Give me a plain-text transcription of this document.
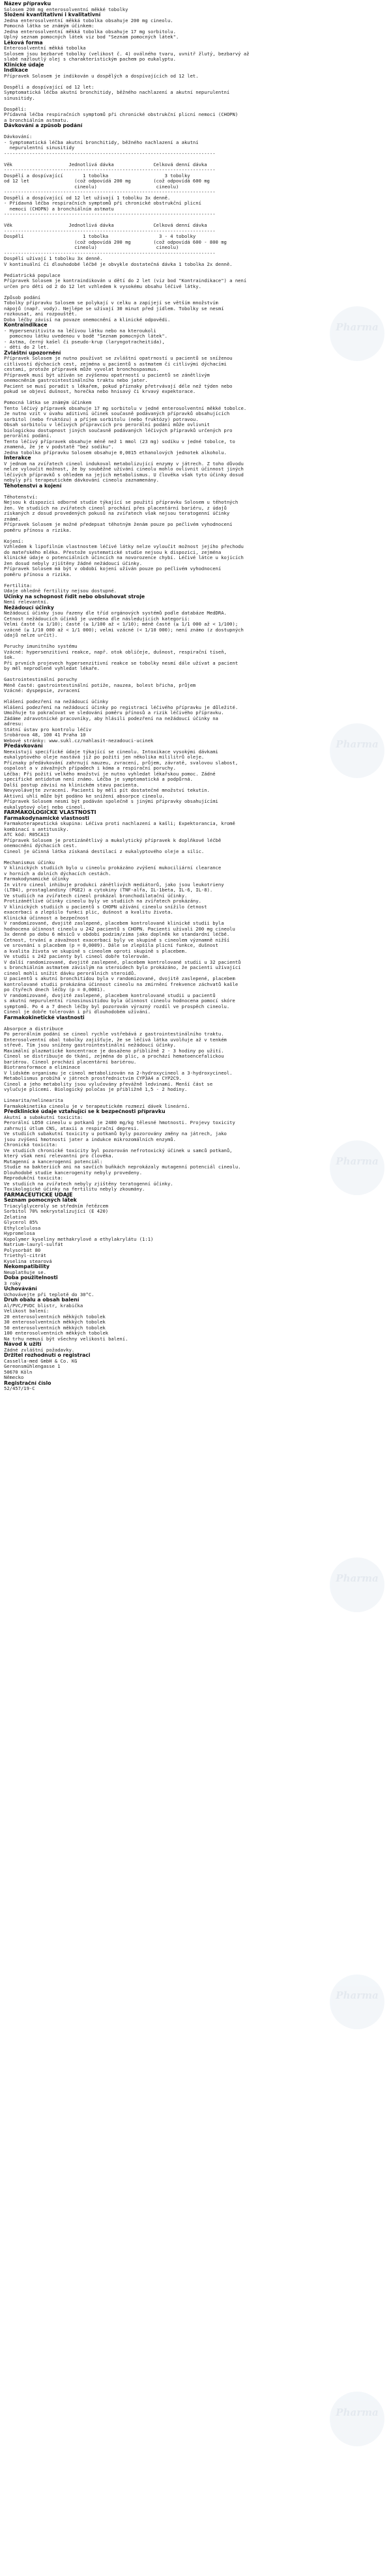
Název přípravku
Solosem 200 mg enterosolventní měkké tobolky
Složení kvantitativní i kvalitativní
Jedna enterosolventní měkká tobolka obsahuje 200 mg cineolu.
Pomocná látka se známým účinkem:
Jedna enterosolventní měkká tobolka obsahuje 17 mg sorbitolu.
Úplný seznam pomocných látek viz bod "Seznam pomocných látek".
Léková forma
Enterosolventní měkká tobolka
Solosem jsou bezbarvé tobolky (velikost č. 4) oválného tvaru, uvnitř žlutý, bezbarvý až
slabě nažloutlý olej s charakteristickým pachem po eukalyptu.
Klinické údaje
Indikace
Přípravek Solosem je indikován u dospělých a dospívajících od 12 let.
Dospělí a dospívající od 12 let:
Symptomatická léčba akutní bronchitidy, běžného nachlazení a akutní nepurulentní
sinusitidy.
Dospělí:
Přídavná léčba respiračních symptomů při chronické obstrukční plicní nemoci (CHOPN)
a bronchiálním astmatu.
Dávkování a způsob podání
Dávkování:
- Symptomatická léčba akutní bronchitidy, běžného nachlazení a akutní
nepurulentní sinusitidy
---------------------------------------------------------------------------
Věk                    Jednotlivá dávka              Celková denní dávka
---------------------------------------------------------------------------
Dospělí a dospívající       1 tobolka                    3 tobolky
od 12 let                (což odpovídá 200 mg        (což odpovídá 600 mg
cineolu)                     cineolu)
---------------------------------------------------------------------------
Dospělí a dospívající od 12 let užívají 1 tobolku 3x denně.
- Přídavná léčba respiračních symptomů při chronické obstrukční plicní
nemoci (CHOPN) a bronchiálním astmatu
---------------------------------------------------------------------------
Věk                    Jednotlivá dávka              Celková denní dávka
---------------------------------------------------------------------------
Dospělí                     1 tobolka                  3 - 4 tobolky
(což odpovídá 200 mg        (což odpovídá 600 - 800 mg
cineolu)                     cineolu)
---------------------------------------------------------------------------
Dospělí užívají 1 tobolku 3x denně.
V kontinuální či dlouhodobé léčbě je obvykle dostatečná dávka 1 tobolka 2x denně.
Pediatrická populace
Přípravek Solosem je kontraindikován u dětí do 2 let (viz bod "Kontraindikace") a není
určen pro děti od 2 do 12 let vzhledem k vysokému obsahu léčivé látky.
Způsob podání
Tobolky přípravku Solosem se polykají v celku a zapíjejí se větším množstvím
nápojů (např. vody). Nejlépe se užívají 30 minut před jídlem. Tobolky se nesmí
rozkousat, ani rozpouštět.
Doba léčby závisí na povaze onemocnění a klinické odpovědi.
Kontraindikace
- Hypersenzitivita na léčivou látku nebo na kteroukoli
pomocnou látku uvedenou v bodě "Seznam pomocných látek".
- Astma, černý kašel či pseudo-krup (laryngotracheitida),
- děti do 2 let.
Zvláštní upozornění
Přípravek Solosem je nutno používat se zvláštní opatrností u pacientů se sníženou
citlivostí dýchacích cest, zejména u pacientů s astmatem či citlivými dýchacími
cestami, protože přípravek může vyvolat bronchospasmus.
Přípravek musí být užíván se zvýšenou opatrností u pacientů se zánětlivým
onemocněním gastrointestinálního traktu nebo jater.
Pacient se musí poradit s lékařem, pokud příznaky přetrvávají déle než týden nebo
pokud se objeví dušnost, horečka nebo hnisavý či krvavý expektorace.
Pomocná látka se známým účinkem
Tento léčivý přípravek obsahuje 17 mg sorbitolu v jedné enterosolventní měkké tobolce.
Je nutno vzít v úvahu aditivní účinek současně podávaných přípravků obsahujících
sorbitol (nebo fruktózu) a příjem sorbitolu (nebo fruktózy) potravou.
Obsah sorbitolu v léčivých přípravcích pro perorální podání může ovlivnit
biologickou dostupnost jiných současně podávaných léčivých přípravků určených pro
perorální podání.
Tento léčivý přípravek obsahuje méně než 1 mmol (23 mg) sodíku v jedné tobolce, to
znamená, že je v podstatě "bez sodíku".
Jedna tobolka přípravku Solosem obsahuje 0,0015 ethanolových jednotek alkoholu.
Interakce
V jednom na zvířatech cineol indukoval metabolizující enzymy v játrech. Z toho důvodu
nelze vyloučit možnost, že by souběžné užívání cineolu mohlo ovlivnit účinnost jiných
léčivých přípravků s ohledem na jejich metabolismus. U člověka však tyto účinky dosud
nebyly při terapeutickém dávkování cineolu zaznamenány.
Těhotenství a kojení
Těhotenství:
Nejsou k dispozici odborné studie týkající se použití přípravku Solosem u těhotných
žen. Ve studiích na zvířatech cineol prochází přes placentární bariéru, z údajů
získaných z dosud provedených pokusů na zvířatech však nejsou teratogenní účinky
známé.
Přípravek Solosem je možné předepsat těhotným ženám pouze po pečlivém vyhodnocení
poměru přínosu a rizika.
Kojení:
Vzhledem k lipofilním vlastnostem léčivé látky nelze vyloučit možnost jejího přechodu
do mateřského mléka. Přestože systematické studie nejsou k dispozici, zejména
klinické údaje o potenciálních účincích na novorozence chybí. Léčivé látce u kojících
žen dosud nebyly zjištěny žádné nežádoucí účinky.
Přípravek Solosem má být v období kojení užíván pouze po pečlivém vyhodnocení
poměru přínosu a rizika.
Fertilita:
Údaje ohledně fertility nejsou dostupné.
Účinky na schopnost řídit nebo obsluhovat stroje
Není relevantní.
Nežádoucí účinky
Nežádoucí účinky jsou řazeny dle tříd orgánových systémů podle databáze MedDRA.
Četnost nežádoucích účinků je uvedena dle následujících kategorií:
Velmi časté (≥ 1/10); časté (≥ 1/100 až < 1/10); méně časté (≥ 1/1 000 až < 1/100);
vzácné (≥ 1/10 000 až < 1/1 000); velmi vzácné (< 1/10 000); není známo (z dostupných
údajů nelze určit).
Poruchy imunitního systému
Vzácné: hypersenzitivní reakce, např. otok obličeje, dušnost, respirační tíseň,
šok.
Při prvních projevech hypersenzitivní reakce se tobolky nesmí dále užívat a pacient
by měl neprodleně vyhledat lékaře.
Gastrointestinální poruchy
Méně časté: gastrointestinální potíže, nauzea, bolest břicha, průjem
Vzácné: dyspepsie, zvracení
Hlášení podezření na nežádoucí účinky
Hlášení podezření na nežádoucí účinky po registraci léčivého přípravku je důležité.
Umožňuje to pokračovat ve sledování poměru přínosů a rizik léčivého přípravku.
Žádáme zdravotnické pracovníky, aby hlásili podezření na nežádoucí účinky na
adresu:
Státní ústav pro kontrolu léčiv
Šrobárova 48, 100 41 Praha 10
Webové stránky: www.sukl.cz/nahlasit-nezadouci-ucinek
Předávkování
Neexistují specifické údaje týkající se cineolu. Intoxikace vysokými dávkami
eukalyptového oleje nastává již po požití jen několika mililitrů oleje.
Příznaky předávkování zahrnují nauzeu, zvracení, průjem, závratě, svalovou slabost,
ospalost a v závažných případech i kóma a respirační poruchy.
Léčba: Při požití velkého množství je nutno vyhledat lékařskou pomoc. Žádné
specifické antidotum není známo. Léčba je symptomatická a podpůrná.
Další postup závisí na klinickém stavu pacienta.
Nevyvolávejte zvracení. Pacienti by měli pít dostatečné množství tekutin.
Aktivní uhlí může být podáno ke snížení absorpce cineolu.
Přípravek Solosem nesmí být podáván společně s jinými přípravky obsahujícími
eukalyptový olej nebo cineol.
FARMAKOLOGICKÉ VLASTNOSTI
Farmakodynamické vlastnosti
Farmakoterapeutická skupina: Léčiva proti nachlazení a kašli; Expektorancia, kromě
kombinací s antitusiky.
ATC kód: R05CA13
Přípravek Solosem je protizánětlivý a mukolytický přípravek k doplňkové léčbě
onemocnění dýchacích cest.
Cineol je účinná látka získaná destilací z eukalyptového oleje a silic.
Mechanismus účinku
V klinických studiích bylo u cineolu prokázáno zvýšení mukociliární clearance
v horních a dolních dýchacích cestách.
Farmakodynamické účinky
In vitro cineol inhibuje produkci zánětlivých mediátorů, jako jsou leukotrieny
(LTB4), prostaglandiny (PGE2) a cytokiny (TNF-alfa, IL-1beta, IL-6, IL-8).
Ve studiích na zvířatech cineol prokázal bronchodilatační účinky.
Protizánětlivé účinky cineolu byly ve studiích na zvířatech prokázány.
V klinických studiích u pacientů s CHOPN užívání cineolu snížilo četnost
exacerbací a zlepšilo funkci plic, dušnost a kvalitu života.
Klinická účinnost a bezpečnost
V randomizované, dvojitě zaslepené, placebem kontrolované klinické studii byla
hodnocena účinnost cineolu u 242 pacientů s CHOPN. Pacienti užívali 200 mg cineolu
3x denně po dobu 6 měsíců v období podzim/zima jako doplněk ke standardní léčbě.
Četnost, trvání a závažnost exacerbací byly ve skupině s cineolem významně nižší
ve srovnání s placebem (p = 0,0009). Dále se zlepšila plicní funkce, dušnost
a kvalita života ve skupině s cineolem oproti skupině s placebem.
Ve studii s 242 pacienty byl cineol dobře tolerován.
V další randomizované, dvojitě zaslepené, placebem kontrolované studii u 32 pacientů
s bronchiálním astmatem závislým na steroidech bylo prokázáno, že pacienti užívající
cineol mohli snížit dávku perorálních steroidů.
U pacientů s akutní bronchitidou byla v randomizované, dvojitě zaslepené, placebem
kontrolované studii prokázána účinnost cineolu na zmírnění frekvence záchvatů kašle
po čtyřech dnech léčby (p = 0,0001).
V randomizované, dvojitě zaslepené, placebem kontrolované studii u pacientů
s akutní nepurulentní rinosinusitidou byla účinnost cineolu hodnocena pomocí skóre
symptomů. Po 4 a 7 dnech léčby byl pozorován výrazný rozdíl ve prospěch cineolu.
Cineol je dobře tolerován i při dlouhodobém užívání.
Farmakokinetické vlastnosti
Absorpce a distribuce
Po perorálním podání se cineol rychle vstřebává z gastrointestinálního traktu.
Enterosolventní obal tobolky zajišťuje, že se léčivá látka uvolňuje až v tenkém
střevě. Tím jsou sníženy gastrointestinální nežádoucí účinky.
Maximální plazmatické koncentrace je dosaženo přibližně 2 - 3 hodiny po užití.
Cineol se distribuuje do tkání, zejména do plic, a prochází hematoencefalickou
bariérou. Cineol prochází placentární bariérou.
Biotransformace a eliminace
V lidském organismu je cineol metabolizován na 2-hydroxycineol a 3-hydroxycineol.
Metabolismus probíhá v játrech prostřednictvím CYP3A4 a CYP2C9.
Cineol a jeho metabolity jsou vylučovány převážně ledvinami. Menší část se
vylučuje plícemi. Biologický poločas je přibližně 1,5 - 2 hodiny.
Linearita/nelinearita
Farmakokinetika cineolu je v terapeutickém rozmezí dávek lineární.
Předklinické údaje vztahující se k bezpečnosti přípravku
Akutní a subakutní toxicita:
Perorální LD50 cineolu u potkanů je 2480 mg/kg tělesné hmotnosti. Projevy toxicity
zahrnují útlum CNS, ataxii a respirační depresi.
Ve studiích subakutní toxicity u potkanů byly pozorovány změny na játrech, jako
jsou zvýšení hmotnosti jater a indukce mikrozomálních enzymů.
Chronická toxicita:
Ve studiích chronické toxicity byl pozorován nefrotoxický účinek u samců potkanů,
který však není relevantní pro člověka.
Mutagenní a kancerogenní potenciál:
Studie na bakteriích ani na savčích buňkách neprokázaly mutagenní potenciál cineolu.
Dlouhodobé studie kancerogenity nebyly provedeny.
Reprodukční toxicita:
Ve studiích na zvířatech nebyly zjištěny teratogenní účinky.
Toxikologické účinky na fertilitu nebyly zkoumány.
FARMACEUTICKÉ ÚDAJE
Seznam pomocných látek
Triacylglyceroly se středním řetězcem
Sorbitol 70% nekrystalizující (E 420)
Želatina
Glycerol 85%
Ethylcelulosa
Hypromelosa
Kopolymer kyseliny methakrylové a ethylakrylátu (1:1)
Natrium-lauryl-sulfát
Polysorbát 80
Triethyl-citrát
Kyselina stearová
Nekompatibility
Neuplatňuje se.
Doba použitelnosti
3 roky
Uchovávání
Uchovávejte při teplotě do 30°C.
Druh obalu a obsah balení
Al/PVC/PVDC blistr, krabička
Velikost balení:
20 enterosolventních měkkých tobolek
30 enterosolventních měkkých tobolek
50 enterosolventních měkkých tobolek
100 enterosolventních měkkých tobolek
Na trhu nemusí být všechny velikosti balení.
Návod k užití
Žádné zvláštní požadavky.
Držitel rozhodnutí o registraci
Cassella-med GmbH & Co. KG
Gereonsmühlengasse 1
50670 Köln
Německo
Registrační číslo
52/457/19-C
Pharma
Pharma
Pharma
Pharma
Pharma
Pharma
